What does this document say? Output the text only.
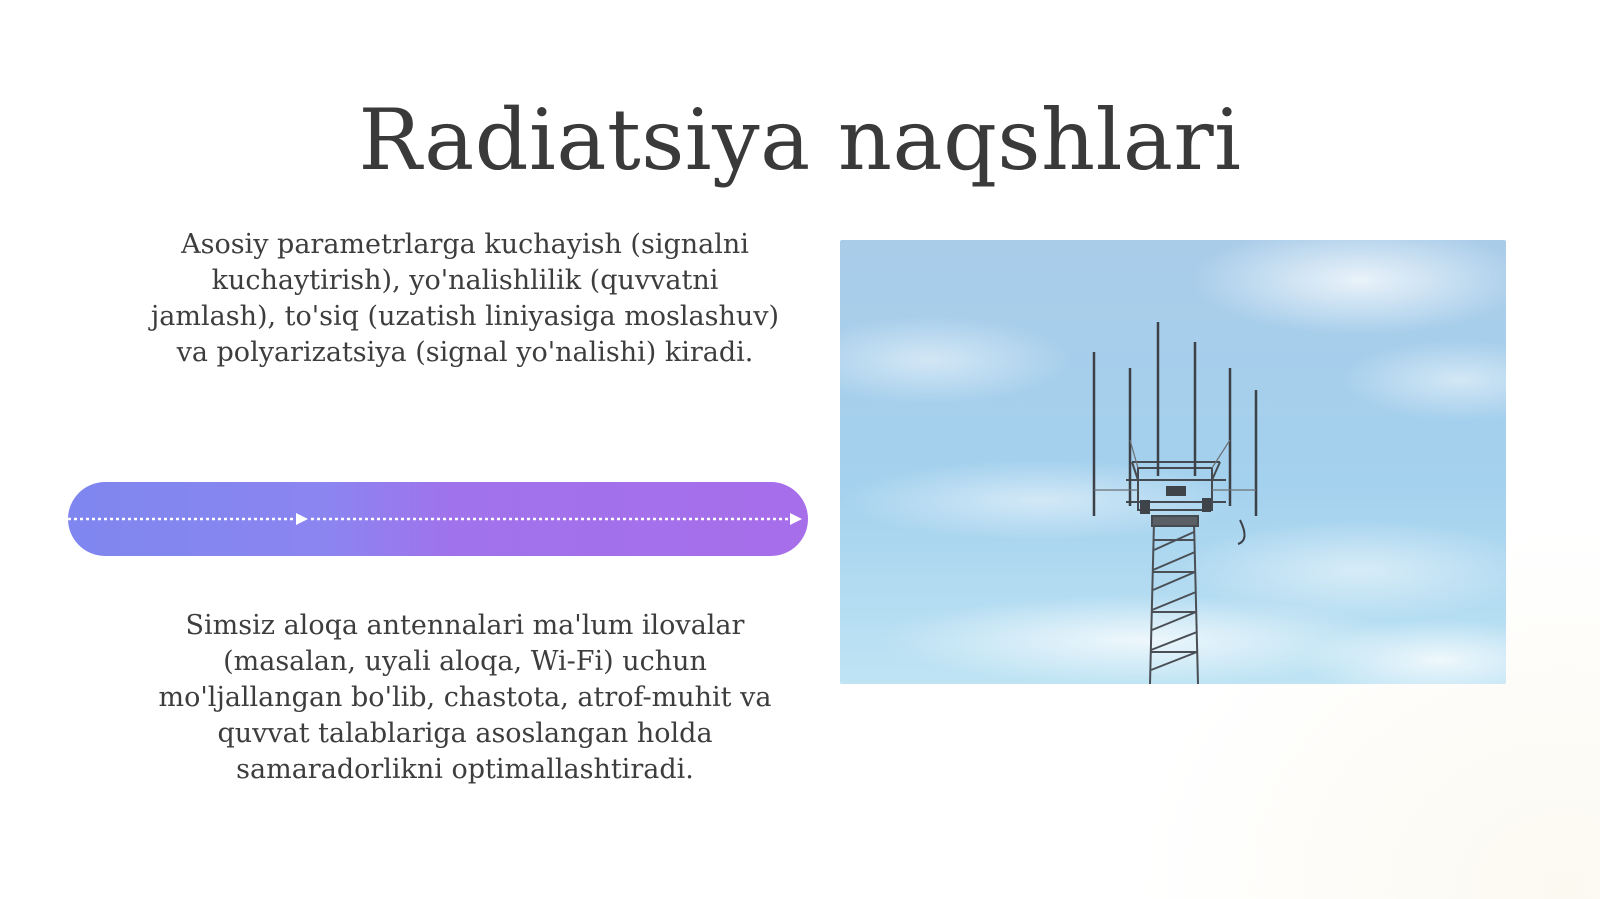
Radiatsiya naqshlari
Asosiy parametrlarga kuchayish (signalni kuchaytirish), yo'nalishlilik (quvvatni jamlash), to'siq (uzatish liniyasiga moslashuv) va polyarizatsiya (signal yo'nalishi) kiradi.
Simsiz aloqa antennalari ma'lum ilovalar (masalan, uyali aloqa, Wi-Fi) uchun mo'ljallangan bo'lib, chastota, atrof-muhit va quvvat talablariga asoslangan holda samaradorlikni optimallashtiradi.
